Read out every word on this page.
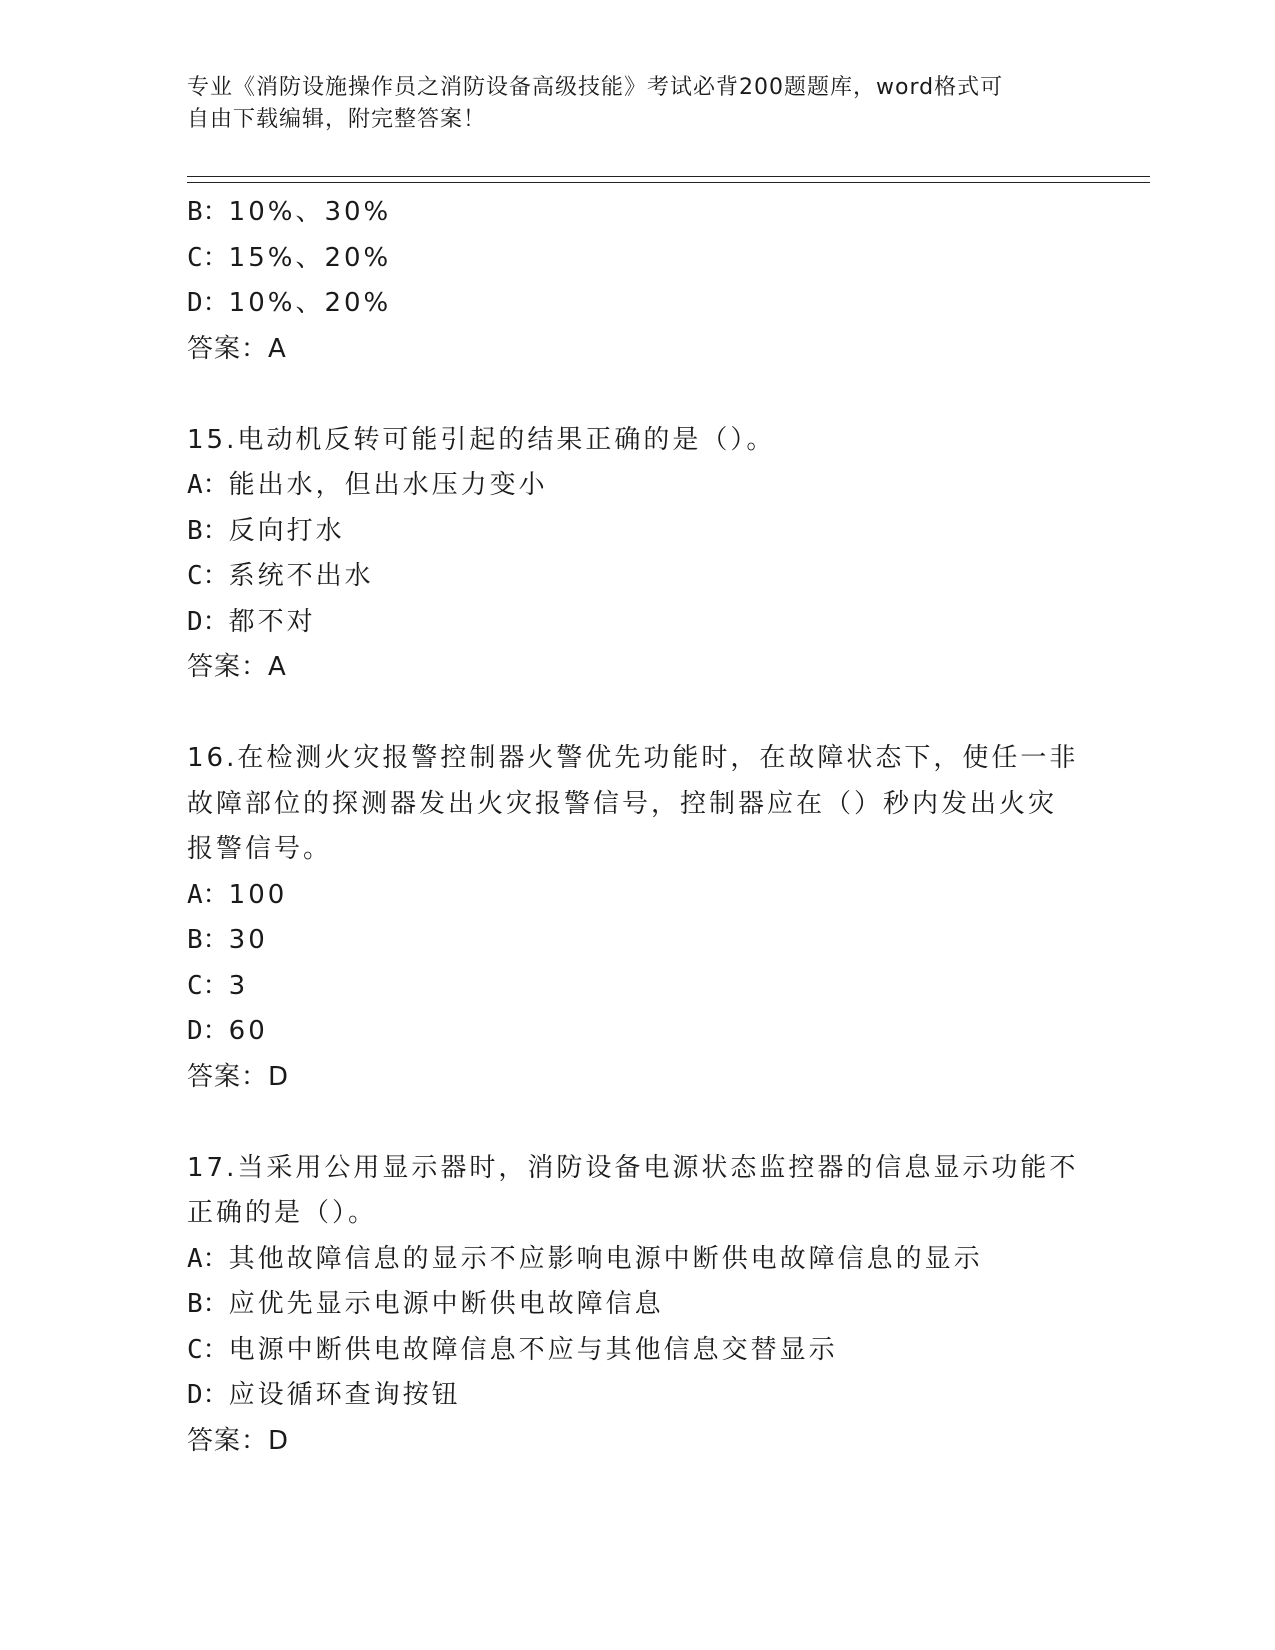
专业《消防设施操作员之消防设备高级技能》考试必背200题题库，word格式可
自由下载编辑，附完整答案！
B：10%、30%
C：15%、20%
D：10%、20%
答案：A
15.电动机反转可能引起的结果正确的是（）。
A：能出水，但出水压力变小
B：反向打水
C：系统不出水
D：都不对
答案：A
16.在检测火灾报警控制器火警优先功能时，在故障状态下，使任一非
故障部位的探测器发出火灾报警信号，控制器应在（）秒内发出火灾
报警信号。
A：100
B：30
C：3
D：60
答案：D
17.当采用公用显示器时，消防设备电源状态监控器的信息显示功能不
正确的是（）。
A：其他故障信息的显示不应影响电源中断供电故障信息的显示
B：应优先显示电源中断供电故障信息
C：电源中断供电故障信息不应与其他信息交替显示
D：应设循环查询按钮
答案：D
